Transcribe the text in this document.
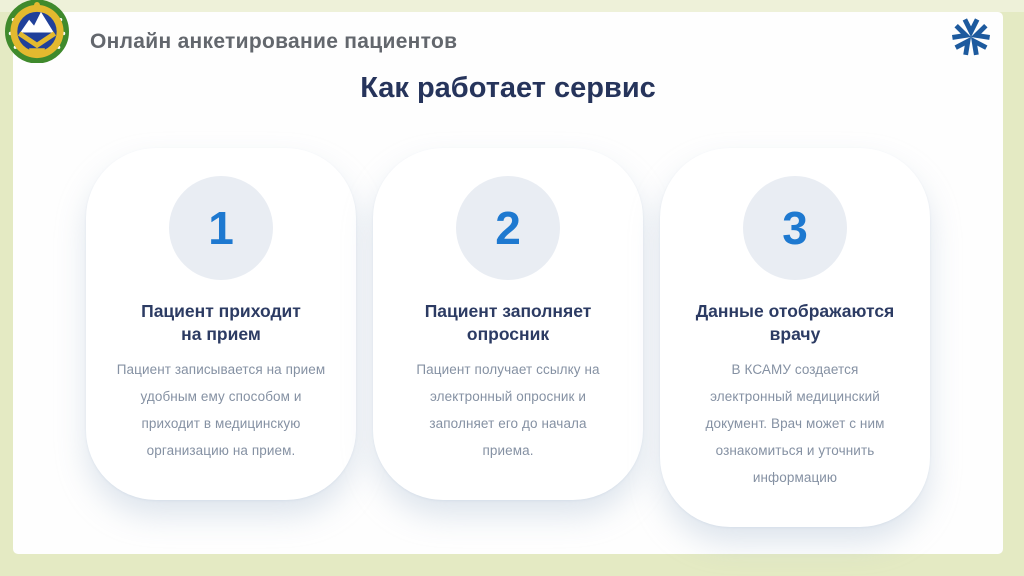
Онлайн анкетирование пациентов
Как работает сервис
1
Пациент приходит
на прием

Пациент записывается на прием удобным ему способом и приходит в медицинскую организацию на прием.

2
Пациент заполняет
опросник

Пациент получает ссылку на электронный опросник и заполняет его до начала приема.

3
Данные отображаются
врачу

В КСАМУ создается электронный медицинский документ. Врач может с ним ознакомиться и уточнить информацию
